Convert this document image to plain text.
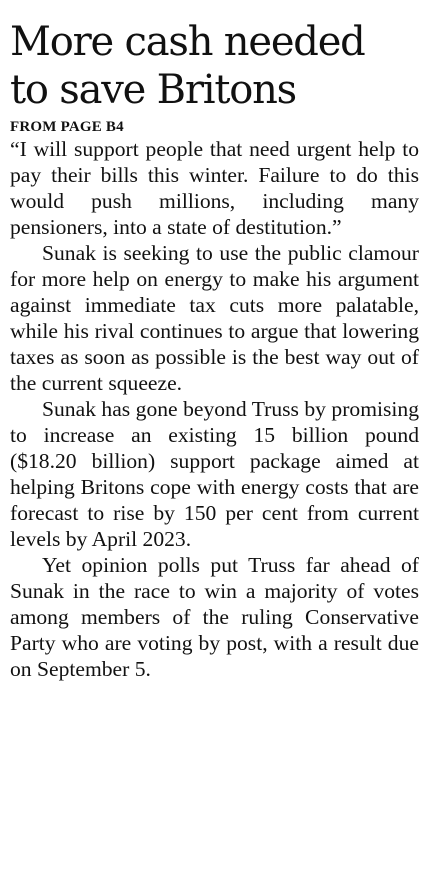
More cash needed
to save Britons
FROM PAGE B4

“I will support people that need urgent help to pay their bills this winter. Failure to do this would push millions, including many pensioners, into a state of destitution.”

Sunak is seeking to use the public clamour for more help on energy to make his argument against immediate tax cuts more palatable, while his rival continues to argue that lowering taxes as soon as possible is the best way out of the current squeeze.

Sunak has gone beyond Truss by promising to increase an existing 15 billion pound ($18.20 billion) support package aimed at helping Britons cope with energy costs that are forecast to rise by 150 per cent from current levels by April 2023.

Yet opinion polls put Truss far ahead of Sunak in the race to win a majority of votes among members of the ruling Conservative Party who are voting by post, with a result due on September 5.
